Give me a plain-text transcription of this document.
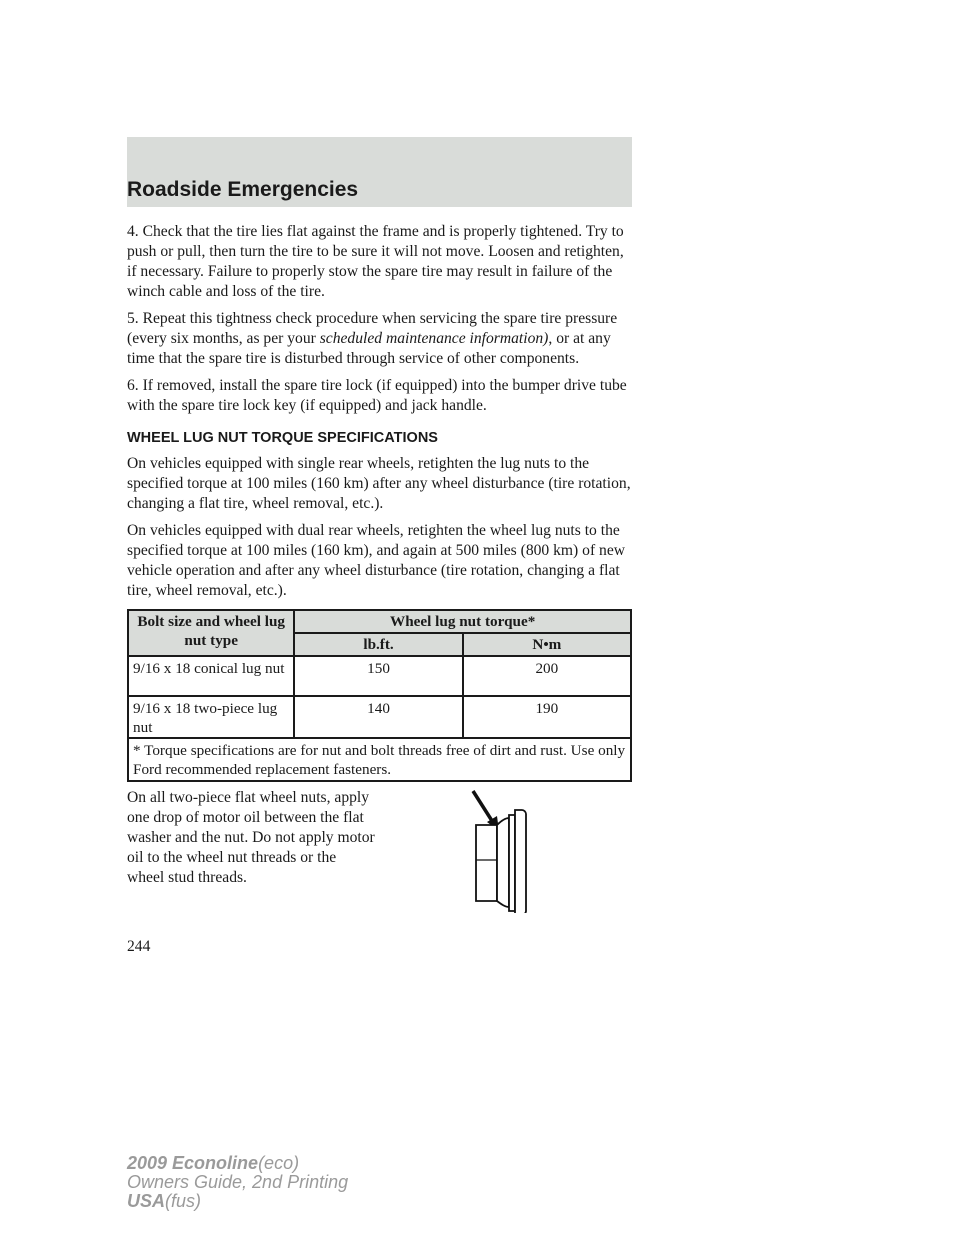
Roadside Emergencies

4. Check that the tire lies flat against the frame and is properly tightened. Try to push or pull, then turn the tire to be sure it will not move. Loosen and retighten, if necessary. Failure to properly stow the spare tire may result in failure of the winch cable and loss of the tire.

5. Repeat this tightness check procedure when servicing the spare tire pressure (every six months, as per your scheduled maintenance information), or at any time that the spare tire is disturbed through service of other components.

6. If removed, install the spare tire lock (if equipped) into the bumper drive tube with the spare tire lock key (if equipped) and jack handle.

WHEEL LUG NUT TORQUE SPECIFICATIONS

On vehicles equipped with single rear wheels, retighten the lug nuts to the specified torque at 100 miles (160 km) after any wheel disturbance (tire rotation, changing a flat tire, wheel removal, etc.).

On vehicles equipped with dual rear wheels, retighten the wheel lug nuts to the specified torque at 100 miles (160 km), and again at 500 miles (800 km) of new vehicle operation and after any wheel disturbance (tire rotation, changing a flat tire, wheel removal, etc.).

Bolt size and wheel lug nut type	Wheel lug nut torque*	
	lb.ft.	N•m
9/16 x 18 conical lug nut	150	200
9/16 x 18 two-piece lug nut	140	190
* Torque specifications are for nut and bolt threads free of dirt and rust. Use only Ford recommended replacement fasteners.		

On all two-piece flat wheel nuts, apply one drop of motor oil between the flat washer and the nut. Do not apply motor oil to the wheel nut threads or the wheel stud threads.

244
2009 Econoline(eco)
Owners Guide, 2nd Printing
USA(fus)
